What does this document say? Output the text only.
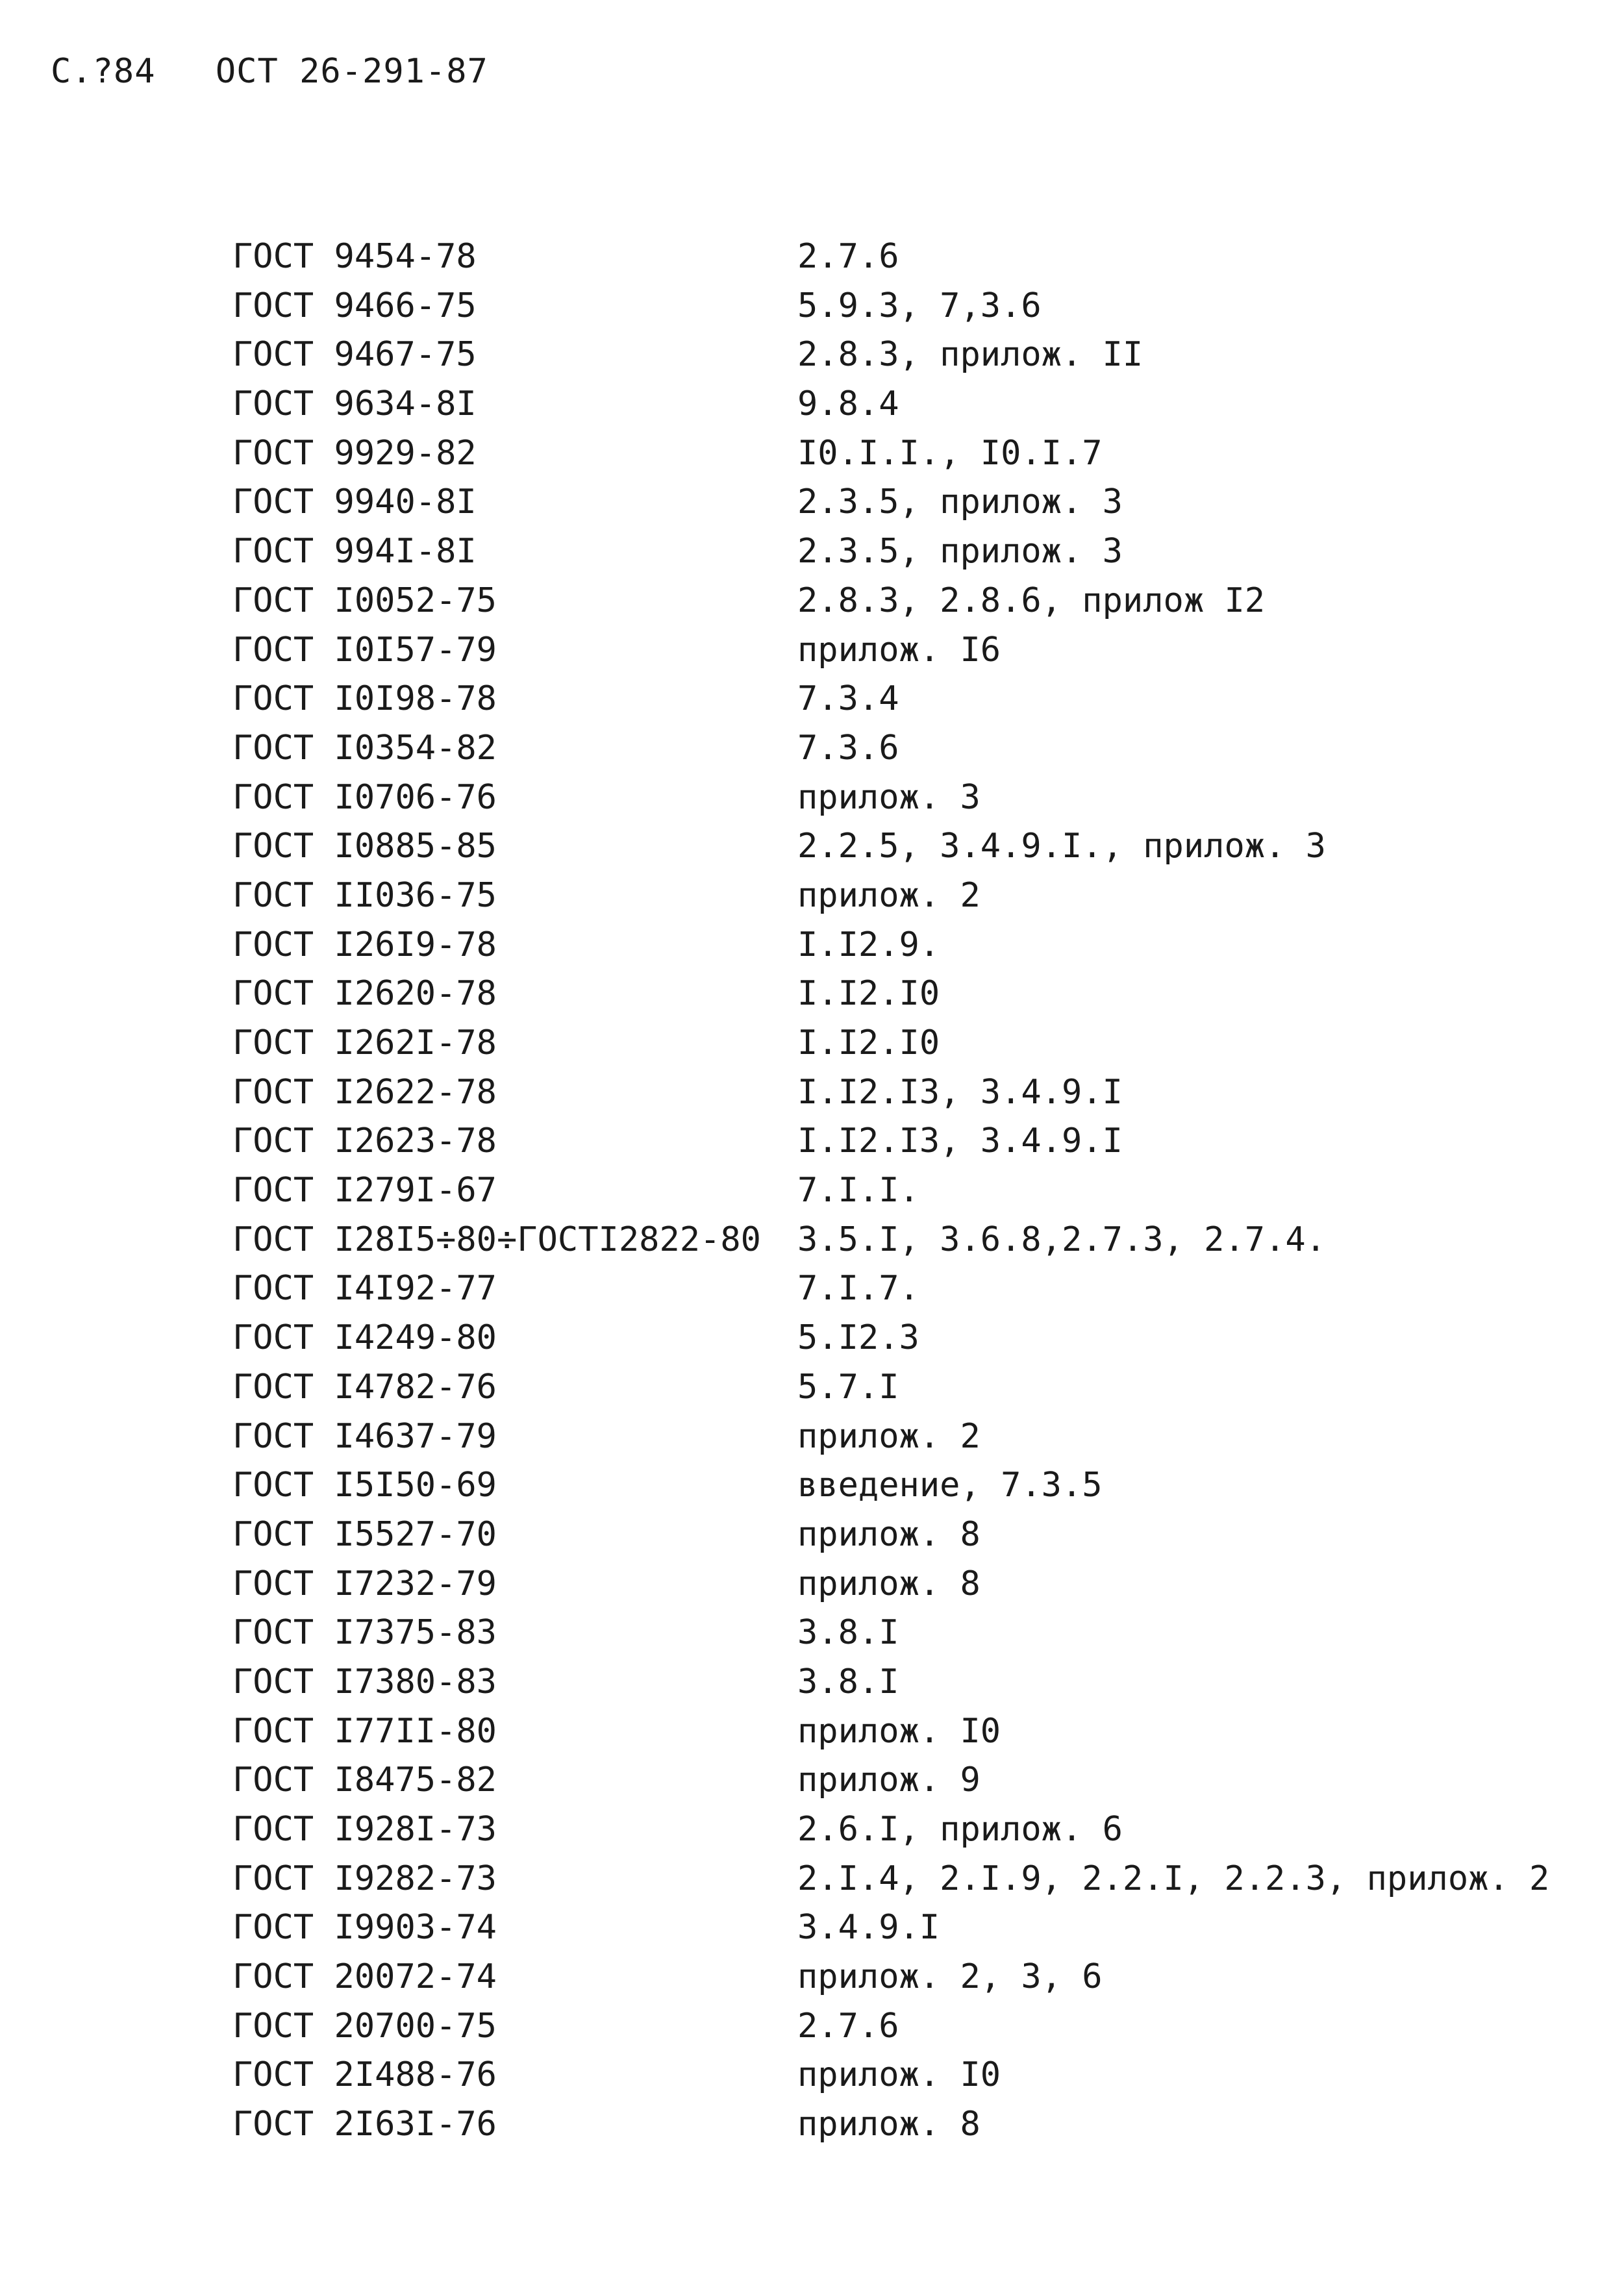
С.?84 ОСТ 26-291-87
ГОСТ 9454-78	2.7.6
ГОСТ 9466-75	5.9.3, 7,3.6
ГОСТ 9467-75	2.8.3, прилож. II
ГОСТ 9634-8I	9.8.4
ГОСТ 9929-82	I0.I.I., I0.I.7
ГОСТ 9940-8I	2.3.5, прилож. 3
ГОСТ 994I-8I	2.3.5, прилож. 3
ГОСТ I0052-75	2.8.3, 2.8.6, прилож I2
ГОСТ I0I57-79	прилож. I6
ГОСТ I0I98-78	7.3.4
ГОСТ I0354-82	7.3.6
ГОСТ I0706-76	прилож. 3
ГОСТ I0885-85	2.2.5, 3.4.9.I., прилож. 3
ГОСТ II036-75	прилож. 2
ГОСТ I26I9-78	I.I2.9.
ГОСТ I2620-78	I.I2.I0
ГОСТ I262I-78	I.I2.I0
ГОСТ I2622-78	I.I2.I3, 3.4.9.I
ГОСТ I2623-78	I.I2.I3, 3.4.9.I
ГОСТ I279I-67	7.I.I.
ГОСТ I28I5÷80÷ГОСТI2822-80 3.5.I, 3.6.8,2.7.3, 2.7.4.
ГОСТ I4I92-77	7.I.7.
ГОСТ I4249-80	5.I2.3
ГОСТ I4782-76	5.7.I
ГОСТ I4637-79	прилож. 2
ГОСТ I5I50-69	введение, 7.3.5
ГОСТ I5527-70	прилож. 8
ГОСТ I7232-79	прилож. 8
ГОСТ I7375-83	3.8.I
ГОСТ I7380-83	3.8.I
ГОСТ I77II-80	прилож. I0
ГОСТ I8475-82	прилож. 9
ГОСТ I928I-73	2.6.I, прилож. 6
ГОСТ I9282-73	2.I.4, 2.I.9, 2.2.I, 2.2.3, прилож. 2
ГОСТ I9903-74	3.4.9.I
ГОСТ 20072-74	прилож. 2, 3, 6
ГОСТ 20700-75	2.7.6
ГОСТ 2I488-76	прилож. I0
ГОСТ 2I63I-76	прилож. 8
